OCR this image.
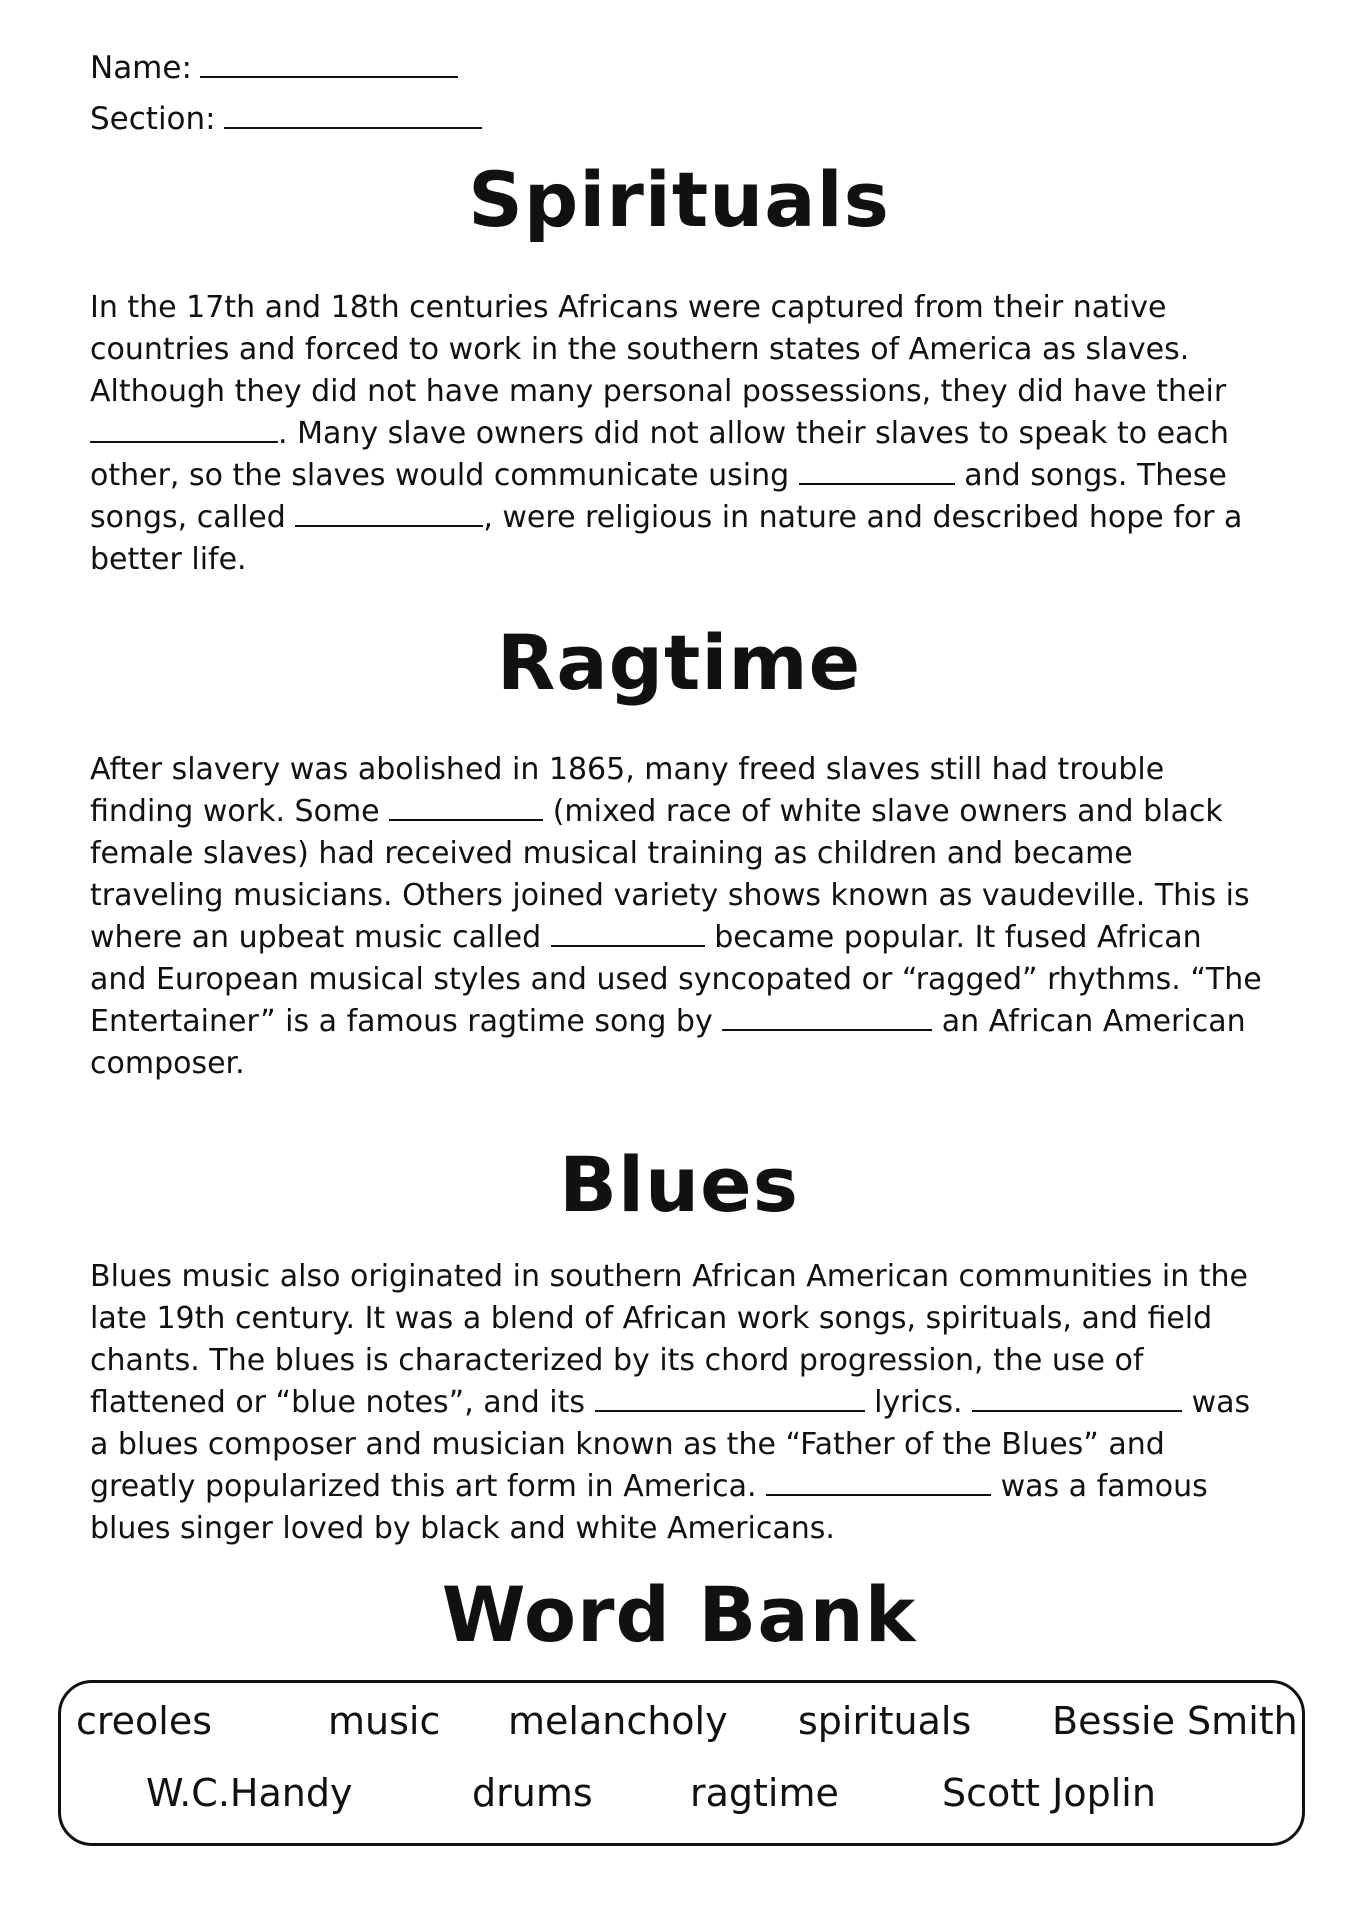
Name:
Section:
Spirituals
In the 17th and 18th centuries Africans were captured from their native
countries and forced to work in the southern states of America as slaves.
Although they did not have many personal possessions, they did have their
. Many slave owners did not allow their slaves to speak to each
other, so the slaves would communicate using	and songs. These
songs, called	, were religious in nature and described hope for a
better life.
Ragtime
After slavery was abolished in 1865, many freed slaves still had trouble
finding work. Some	(mixed race of white slave owners and black
female slaves) had received musical training as children and became
traveling musicians. Others joined variety shows known as vaudeville. This is
where an upbeat music called	became popular. It fused African
and European musical styles and used syncopated or “ragged” rhythms. “The
Entertainer” is a famous ragtime song by	an African American
composer.
Blues
Blues music also originated in southern African American communities in the
late 19th century. It was a blend of African work songs, spirituals, and field
chants. The blues is characterized by its chord progression, the use of
flattened or “blue notes”, and its	lyrics.	was
a blues composer and musician known as the “Father of the Blues” and
greatly popularized this art form in America.	was a famous
blues singer loved by black and white Americans.
Word Bank
creoles	music melancholy spirituals Bessie Smith
W.C.Handy	drums	ragtime	Scott Joplin
